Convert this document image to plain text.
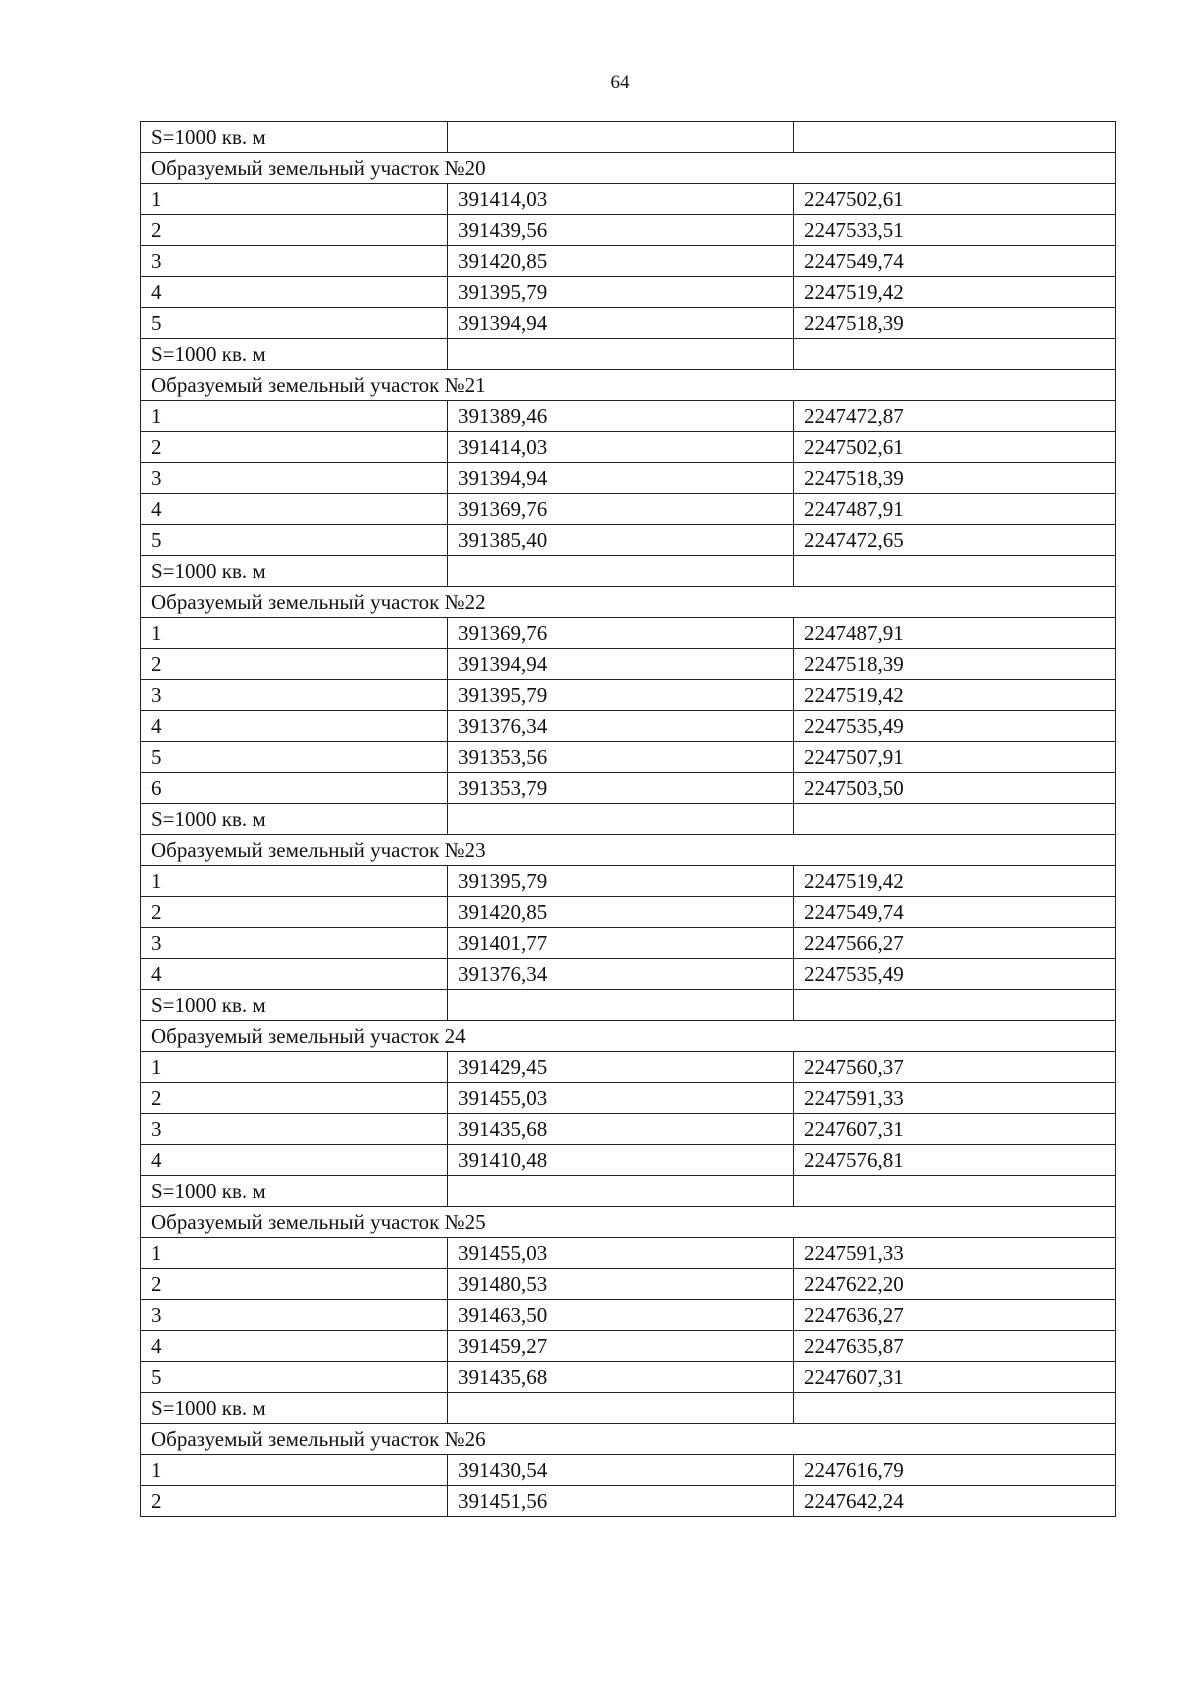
64
S=1000 кв. м		
Образуемый земельный участок №20		
1	391414,03	2247502,61
2	391439,56	2247533,51
3	391420,85	2247549,74
4	391395,79	2247519,42
5	391394,94	2247518,39
S=1000 кв. м		
Образуемый земельный участок №21		
1	391389,46	2247472,87
2	391414,03	2247502,61
3	391394,94	2247518,39
4	391369,76	2247487,91
5	391385,40	2247472,65
S=1000 кв. м		
Образуемый земельный участок №22		
1	391369,76	2247487,91
2	391394,94	2247518,39
3	391395,79	2247519,42
4	391376,34	2247535,49
5	391353,56	2247507,91
6	391353,79	2247503,50
S=1000 кв. м		
Образуемый земельный участок №23		
1	391395,79	2247519,42
2	391420,85	2247549,74
3	391401,77	2247566,27
4	391376,34	2247535,49
S=1000 кв. м		
Образуемый земельный участок 24		
1	391429,45	2247560,37
2	391455,03	2247591,33
3	391435,68	2247607,31
4	391410,48	2247576,81
S=1000 кв. м		
Образуемый земельный участок №25		
1	391455,03	2247591,33
2	391480,53	2247622,20
3	391463,50	2247636,27
4	391459,27	2247635,87
5	391435,68	2247607,31
S=1000 кв. м		
Образуемый земельный участок №26		
1	391430,54	2247616,79
2	391451,56	2247642,24
